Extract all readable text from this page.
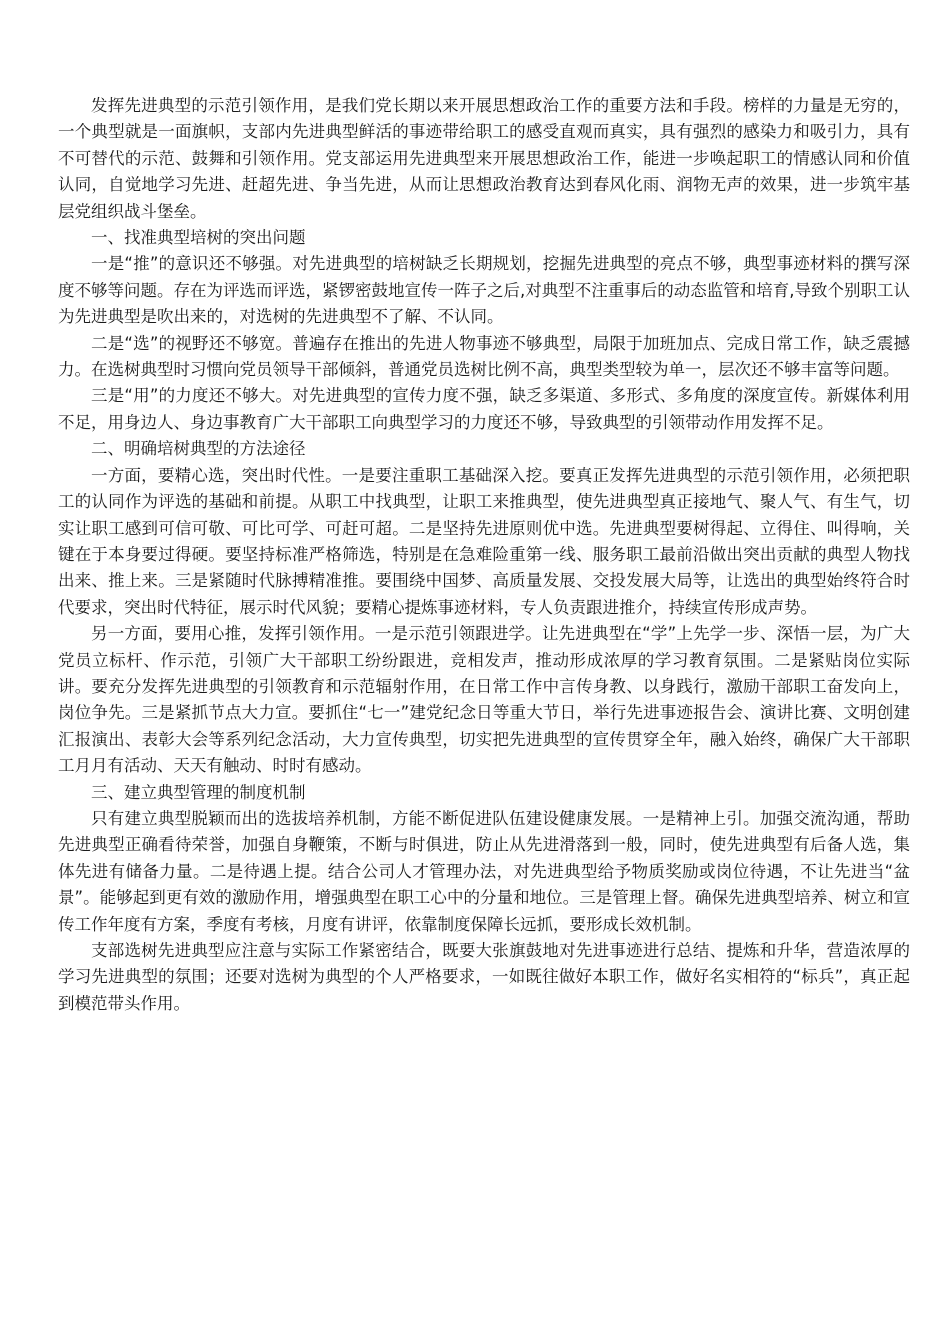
发挥先进典型的示范引领作用，是我们党长期以来开展思想政治工作的重要方法和手段。榜样的力量是无穷的，一个典型就是一面旗帜，支部内先进典型鲜活的事迹带给职工的感受直观而真实，具有强烈的感染力和吸引力，具有不可替代的示范、鼓舞和引领作用。党支部运用先进典型来开展思想政治工作，能进一步唤起职工的情感认同和价值认同，自觉地学习先进、赶超先进、争当先进，从而让思想政治教育达到春风化雨、润物无声的效果，进一步筑牢基层党组织战斗堡垒。

一、找准典型培树的突出问题

一是“推”的意识还不够强。对先进典型的培树缺乏长期规划，挖掘先进典型的亮点不够，典型事迹材料的撰写深度不够等问题。存在为评选而评选，紧锣密鼓地宣传一阵子之后,对典型不注重事后的动态监管和培育,导致个别职工认为先进典型是吹出来的，对选树的先进典型不了解、不认同。

二是“选”的视野还不够宽。普遍存在推出的先进人物事迹不够典型，局限于加班加点、完成日常工作，缺乏震撼力。在选树典型时习惯向党员领导干部倾斜，普通党员选树比例不高，典型类型较为单一，层次还不够丰富等问题。

三是“用”的力度还不够大。对先进典型的宣传力度不强，缺乏多渠道、多形式、多角度的深度宣传。新媒体利用不足，用身边人、身边事教育广大干部职工向典型学习的力度还不够，导致典型的引领带动作用发挥不足。

二、明确培树典型的方法途径

一方面，要精心选，突出时代性。一是要注重职工基础深入挖。要真正发挥先进典型的示范引领作用，必须把职工的认同作为评选的基础和前提。从职工中找典型，让职工来推典型，使先进典型真正接地气、聚人气、有生气，切实让职工感到可信可敬、可比可学、可赶可超。二是坚持先进原则优中选。先进典型要树得起、立得住、叫得响，关键在于本身要过得硬。要坚持标准严格筛选，特别是在急难险重第一线、服务职工最前沿做出突出贡献的典型人物找出来、推上来。三是紧随时代脉搏精准推。要围绕中国梦、高质量发展、交投发展大局等，让选出的典型始终符合时代要求，突出时代特征，展示时代风貌；要精心提炼事迹材料，专人负责跟进推介，持续宣传形成声势。

另一方面，要用心推，发挥引领作用。一是示范引领跟进学。让先进典型在“学”上先学一步、深悟一层，为广大党员立标杆、作示范，引领广大干部职工纷纷跟进，竞相发声，推动形成浓厚的学习教育氛围。二是紧贴岗位实际讲。要充分发挥先进典型的引领教育和示范辐射作用，在日常工作中言传身教、以身践行，激励干部职工奋发向上，岗位争先。三是紧抓节点大力宣。要抓住“七一”建党纪念日等重大节日，举行先进事迹报告会、演讲比赛、文明创建汇报演出、表彰大会等系列纪念活动，大力宣传典型，切实把先进典型的宣传贯穿全年，融入始终，确保广大干部职工月月有活动、天天有触动、时时有感动。

三、建立典型管理的制度机制

只有建立典型脱颖而出的选拔培养机制，方能不断促进队伍建设健康发展。一是精神上引。加强交流沟通，帮助先进典型正确看待荣誉，加强自身鞭策，不断与时俱进，防止从先进滑落到一般，同时，使先进典型有后备人选，集体先进有储备力量。二是待遇上提。结合公司人才管理办法，对先进典型给予物质奖励或岗位待遇，不让先进当“盆景”。能够起到更有效的激励作用，增强典型在职工心中的分量和地位。三是管理上督。确保先进典型培养、树立和宣传工作年度有方案，季度有考核，月度有讲评，依靠制度保障长远抓，要形成长效机制。

支部选树先进典型应注意与实际工作紧密结合，既要大张旗鼓地对先进事迹进行总结、提炼和升华，营造浓厚的学习先进典型的氛围；还要对选树为典型的个人严格要求，一如既往做好本职工作，做好名实相符的“标兵”，真正起到模范带头作用。
